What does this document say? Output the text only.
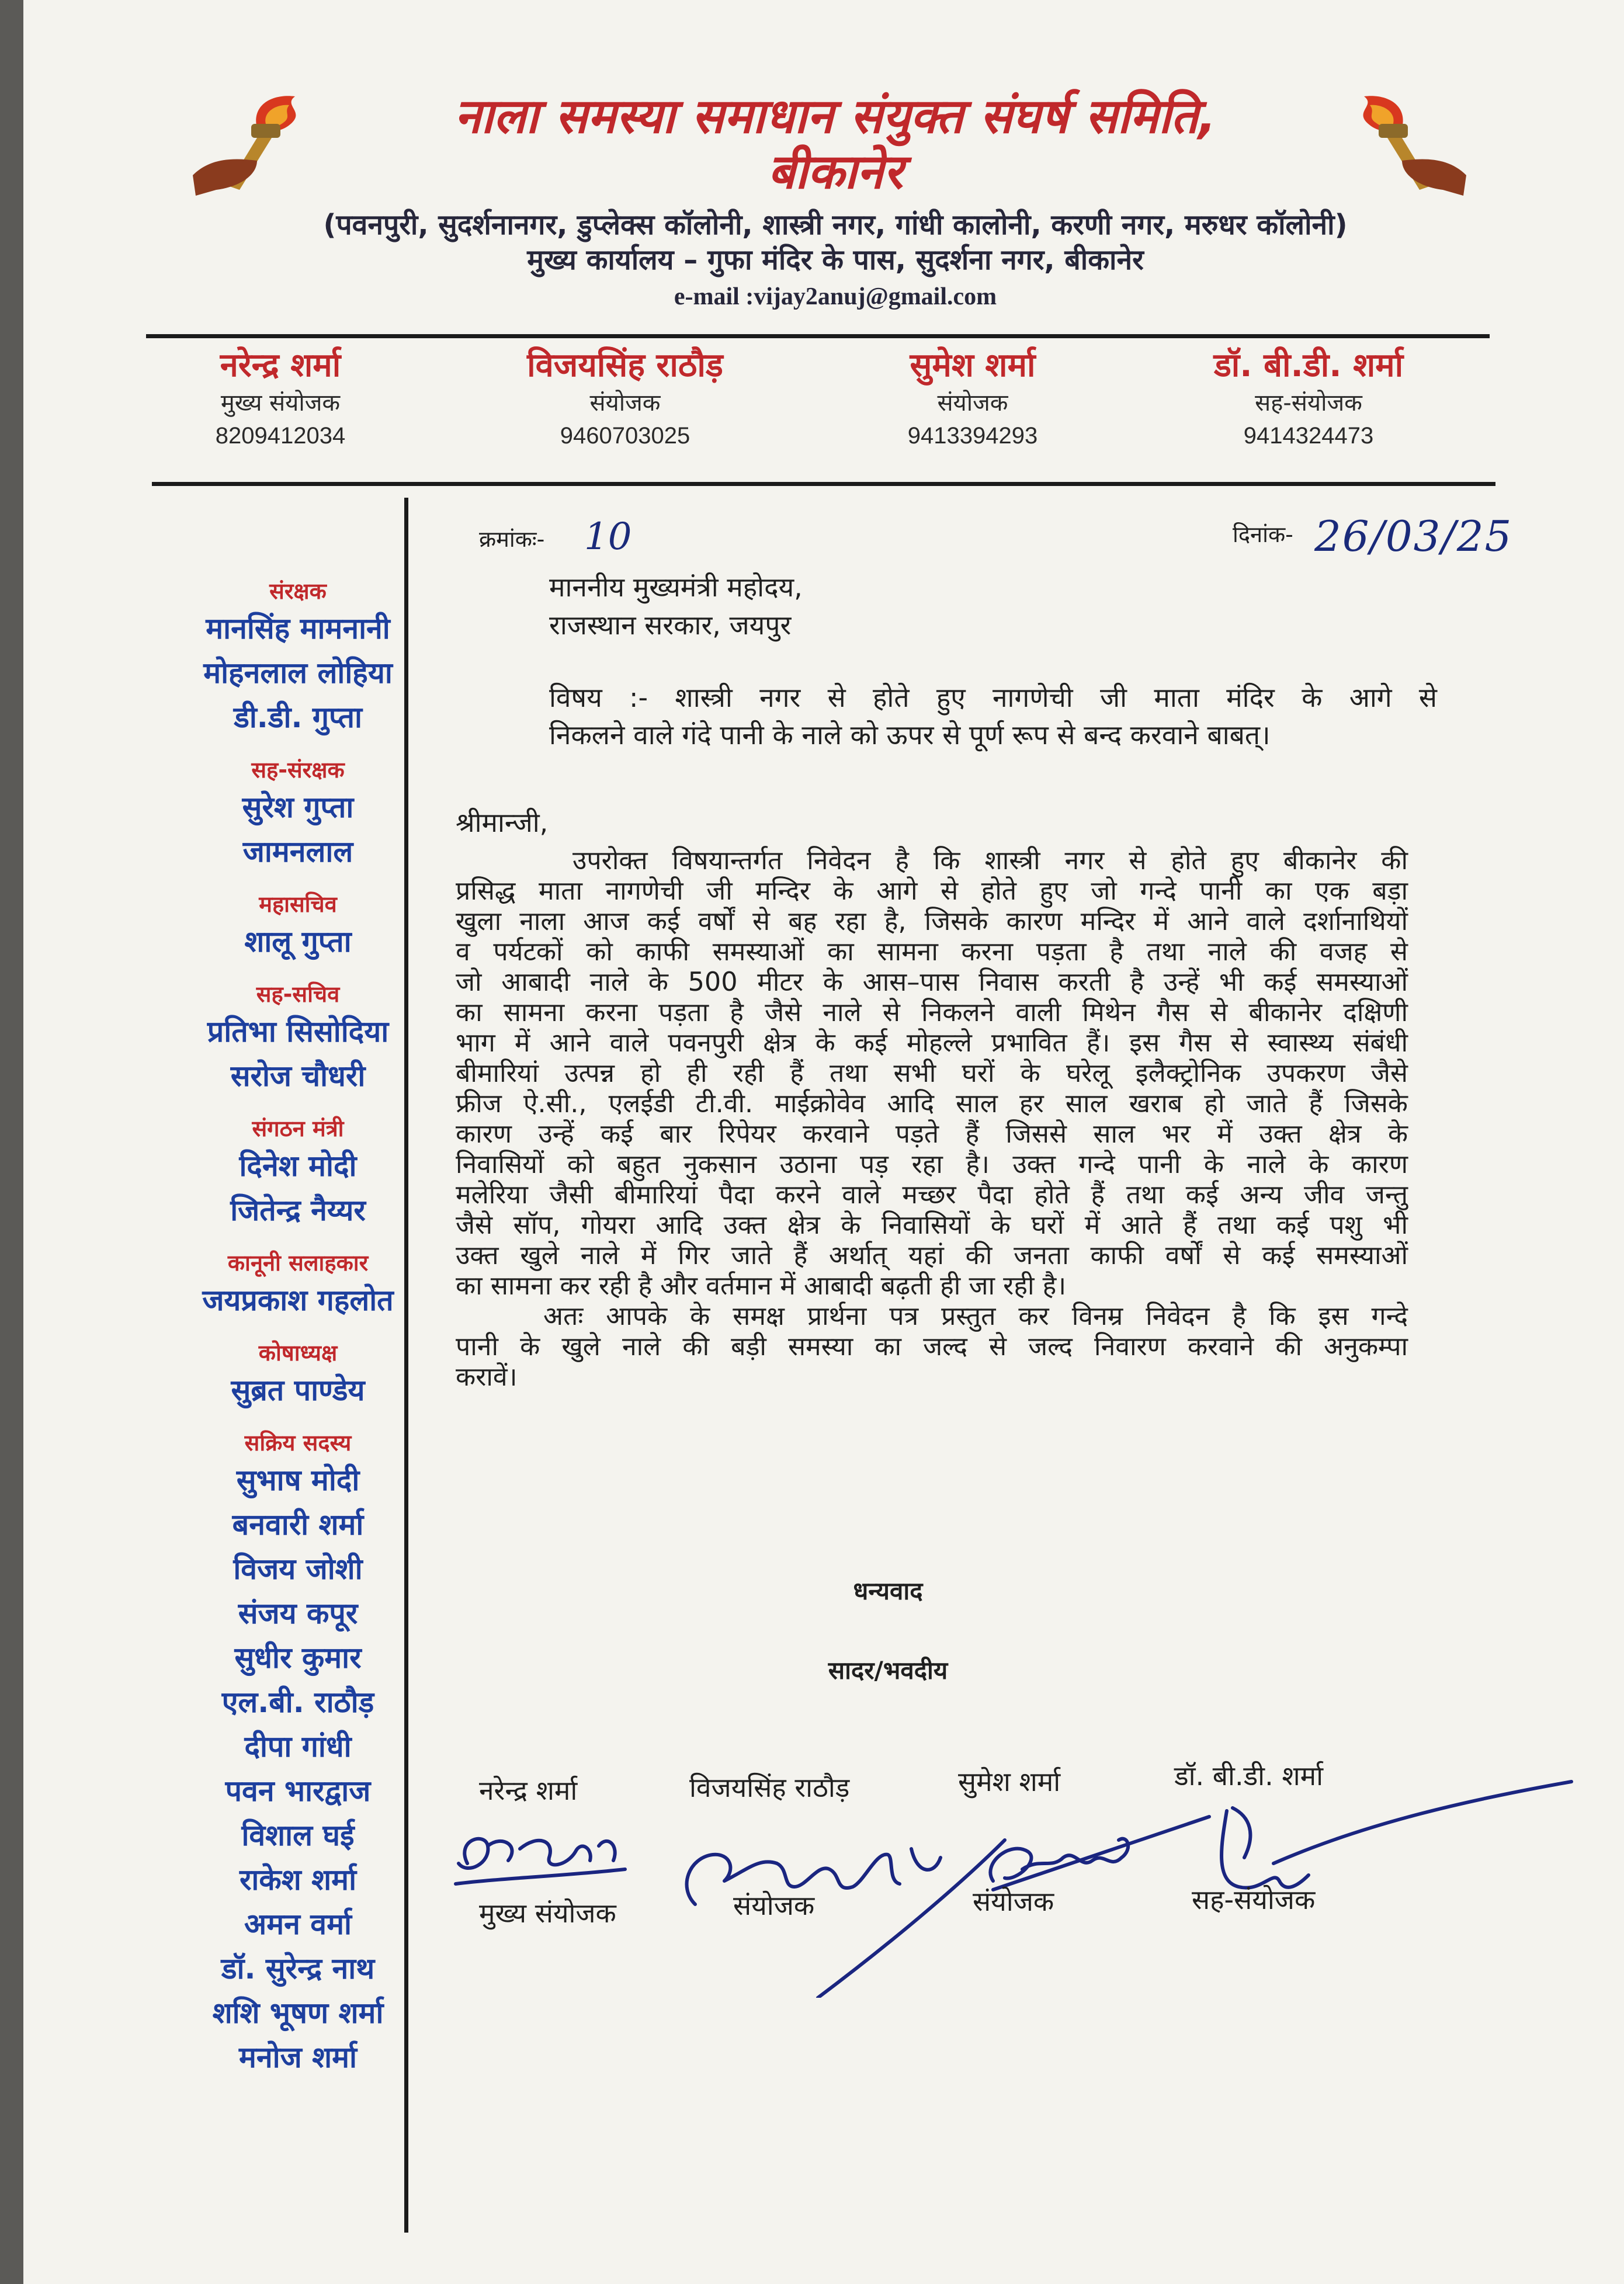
नाला समस्या समाधान संयुक्त संघर्ष समिति,
बीकानेर
(पवनपुरी, सुदर्शनानगर, डुप्लेक्स कॉलोनी, शास्त्री नगर, गांधी कालोनी, करणी नगर, मरुधर कॉलोनी)
मुख्य कार्यालय – गुफा मंदिर के पास, सुदर्शना नगर, बीकानेर
e-mail :vijay2anuj@gmail.com
नरेन्द्र शर्मा
मुख्य संयोजक
8209412034
विजयसिंह राठौड़
संयोजक
9460703025
सुमेश शर्मा
संयोजक
9413394293
डॉ. बी.डी. शर्मा
सह-संयोजक
9414324473
संरक्षक
मानसिंह मामनानी
मोहनलाल लोहिया
डी.डी. गुप्ता
सह-संरक्षक
सुरेश गुप्ता
जामनलाल
महासचिव
शालू गुप्ता
सह-सचिव
प्रतिभा सिसोदिया
सरोज चौधरी
संगठन मंत्री
दिनेश मोदी
जितेन्द्र नैय्यर
कानूनी सलाहकार
जयप्रकाश गहलोत
कोषाध्यक्ष
सुब्रत पाण्डेय
सक्रिय सदस्य
सुभाष मोदी
बनवारी शर्मा
विजय जोशी
संजय कपूर
सुधीर कुमार
एल.बी. राठौड़
दीपा गांधी
पवन भारद्वाज
विशाल घई
राकेश शर्मा
अमन वर्मा
डॉ. सुरेन्द्र नाथ
शशि भूषण शर्मा
मनोज शर्मा
क्रमांकः- 10	दिनांक- 26/03/25
माननीय मुख्यमंत्री महोदय,
राजस्थान सरकार, जयपुर
विषय :- शास्त्री नगर से होते हुए नागणेची जी माता मंदिर के आगे से
निकलने वाले गंदे पानी के नाले को ऊपर से पूर्ण रूप से बन्द करवाने बाबत्।
श्रीमान्जी,

उपरोक्त विषयान्तर्गत निवेदन है कि शास्त्री नगर से होते हुए बीकानेर की

प्रसिद्ध माता नागणेची जी मन्दिर के आगे से होते हुए जो गन्दे पानी का एक बड़ा

खुला नाला आज कई वर्षों से बह रहा है, जिसके कारण मन्दिर में आने वाले दर्शानाथियों

व पर्यटकों को काफी समस्याओं का सामना करना पड़ता है तथा नाले की वजह से

जो आबादी नाले के 500 मीटर के आस–पास निवास करती है उन्हें भी कई समस्याओं

का सामना करना पड़ता है जैसे नाले से निकलने वाली मिथेन गैस से बीकानेर दक्षिणी

भाग में आने वाले पवनपुरी क्षेत्र के कई मोहल्ले प्रभावित हैं। इस गैस से स्वास्थ्य संबंधी

बीमारियां उत्पन्न हो ही रही हैं तथा सभी घरों के घरेलू इलैक्ट्रोनिक उपकरण जैसे

फ्रीज ऐ.सी., एलईडी टी.वी. माईक्रोवेव आदि साल हर साल खराब हो जाते हैं जिसके

कारण उन्हें कई बार रिपेयर करवाने पड़ते हैं जिससे साल भर में उक्त क्षेत्र के

निवासियों को बहुत नुकसान उठाना पड़ रहा है। उक्त गन्दे पानी के नाले के कारण

मलेरिया जैसी बीमारियां पैदा करने वाले मच्छर पैदा होते हैं तथा कई अन्य जीव जन्तु

जैसे सॉप, गोयरा आदि उक्त क्षेत्र के निवासियों के घरों में आते हैं तथा कई पशु भी

उक्त खुले नाले में गिर जाते हैं अर्थात् यहां की जनता काफी वर्षों से कई समस्याओं

का सामना कर रही है और वर्तमान में आबादी बढ़ती ही जा रही है।

अतः आपके के समक्ष प्रार्थना पत्र प्रस्तुत कर विनम्र निवेदन है कि इस गन्दे

पानी के खुले नाले की बड़ी समस्या का जल्द से जल्द निवारण करवाने की अनुकम्पा

करावें।

धन्यवाद
सादर/भवदीय
नरेन्द्र शर्मा	विजयसिंह राठौड़	सुमेश शर्मा	डॉ. बी.डी. शर्मा
मुख्य संयोजक	संयोजक	संयोजक	सह-संयोजक
